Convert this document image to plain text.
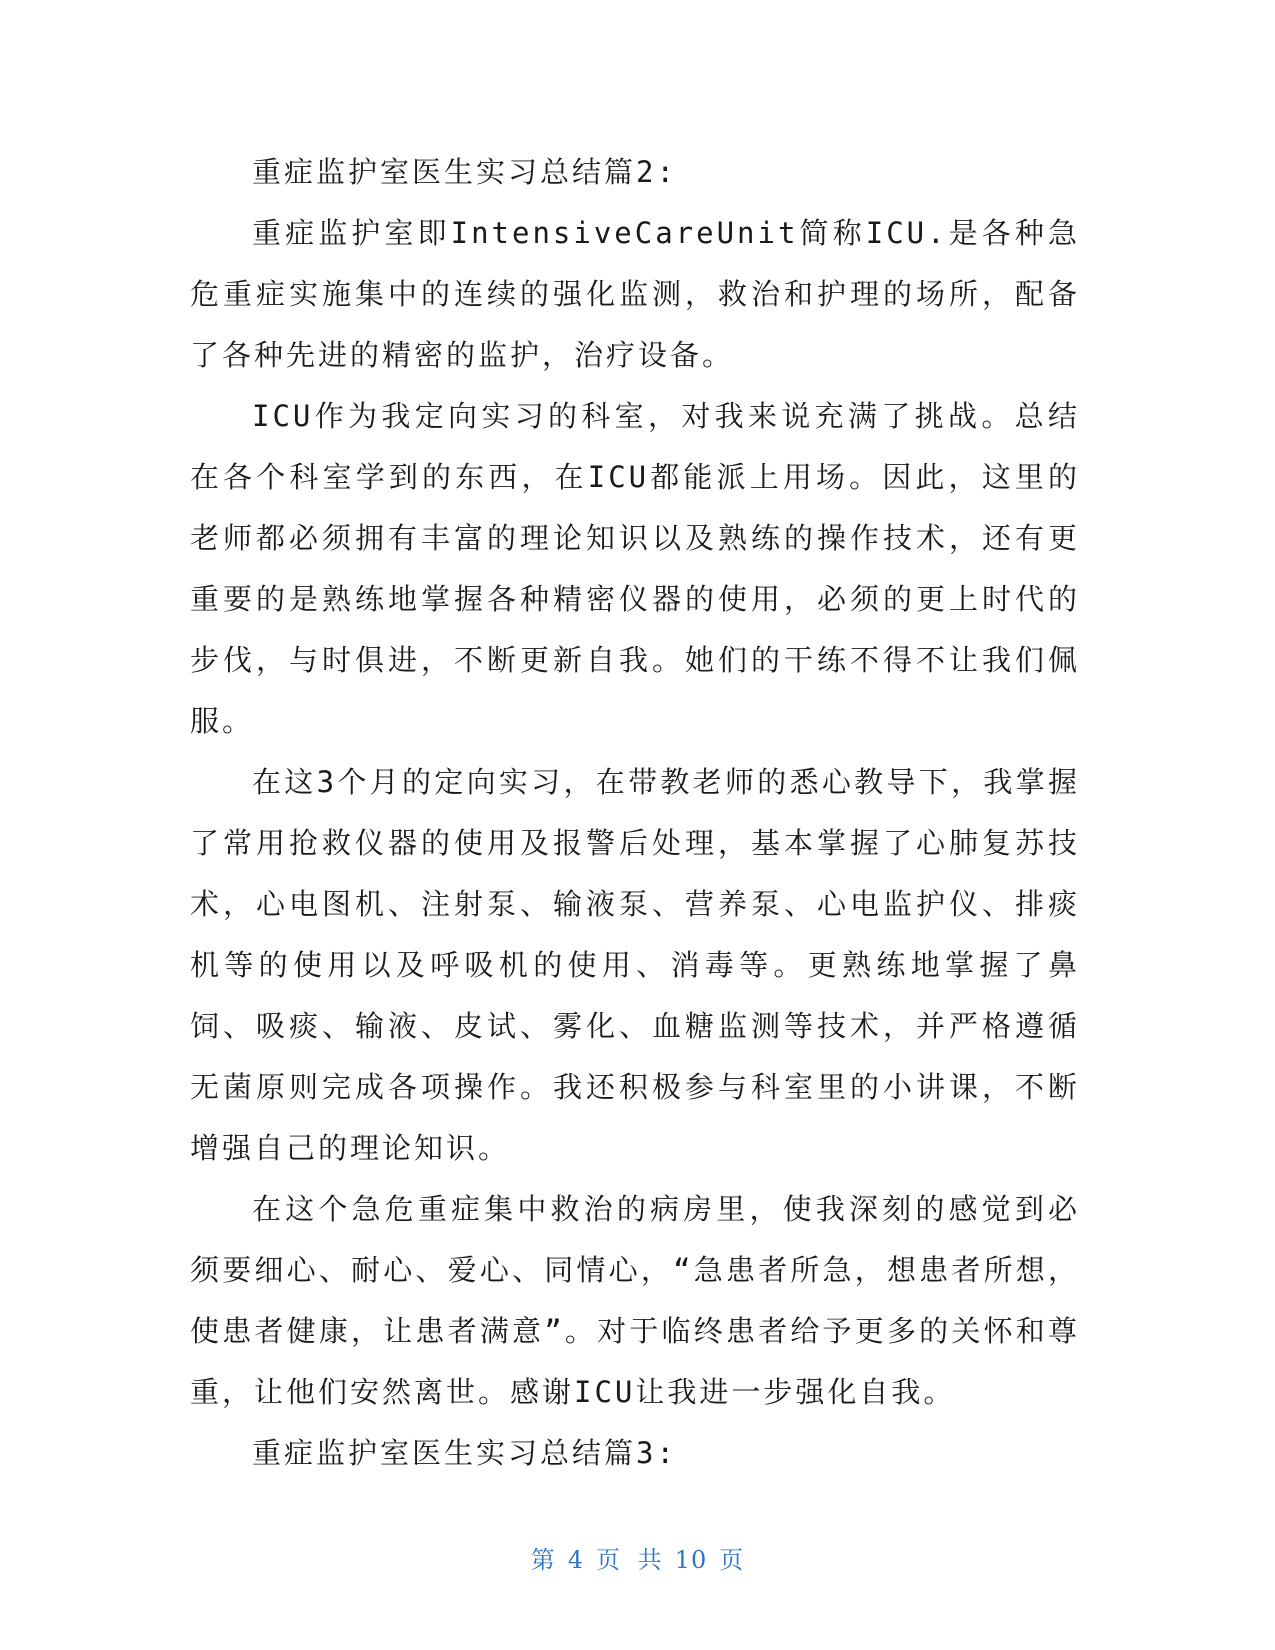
重症监护室医生实习总结篇2:

重症监护室即IntensiveCareUnit简称ICU.是各种急危重症实施集中的连续的强化监测，救治和护理的场所，配备了各种先进的精密的监护，治疗设备。

ICU作为我定向实习的科室，对我来说充满了挑战。总结在各个科室学到的东西，在ICU都能派上用场。因此，这里的老师都必须拥有丰富的理论知识以及熟练的操作技术，还有更重要的是熟练地掌握各种精密仪器的使用，必须的更上时代的步伐，与时俱进，不断更新自我。她们的干练不得不让我们佩服。

在这3个月的定向实习，在带教老师的悉心教导下，我掌握了常用抢救仪器的使用及报警后处理，基本掌握了心肺复苏技术，心电图机、注射泵、输液泵、营养泵、心电监护仪、排痰机等的使用以及呼吸机的使用、消毒等。更熟练地掌握了鼻饲、吸痰、输液、皮试、雾化、血糖监测等技术，并严格遵循无菌原则完成各项操作。我还积极参与科室里的小讲课，不断增强自己的理论知识。

在这个急危重症集中救治的病房里，使我深刻的感觉到必须要细心、耐心、爱心、同情心，“急患者所急，想患者所想，使患者健康，让患者满意”。对于临终患者给予更多的关怀和尊重，让他们安然离世。感谢ICU让我进一步强化自我。

重症监护室医生实习总结篇3:

第 4 页 共 10 页
